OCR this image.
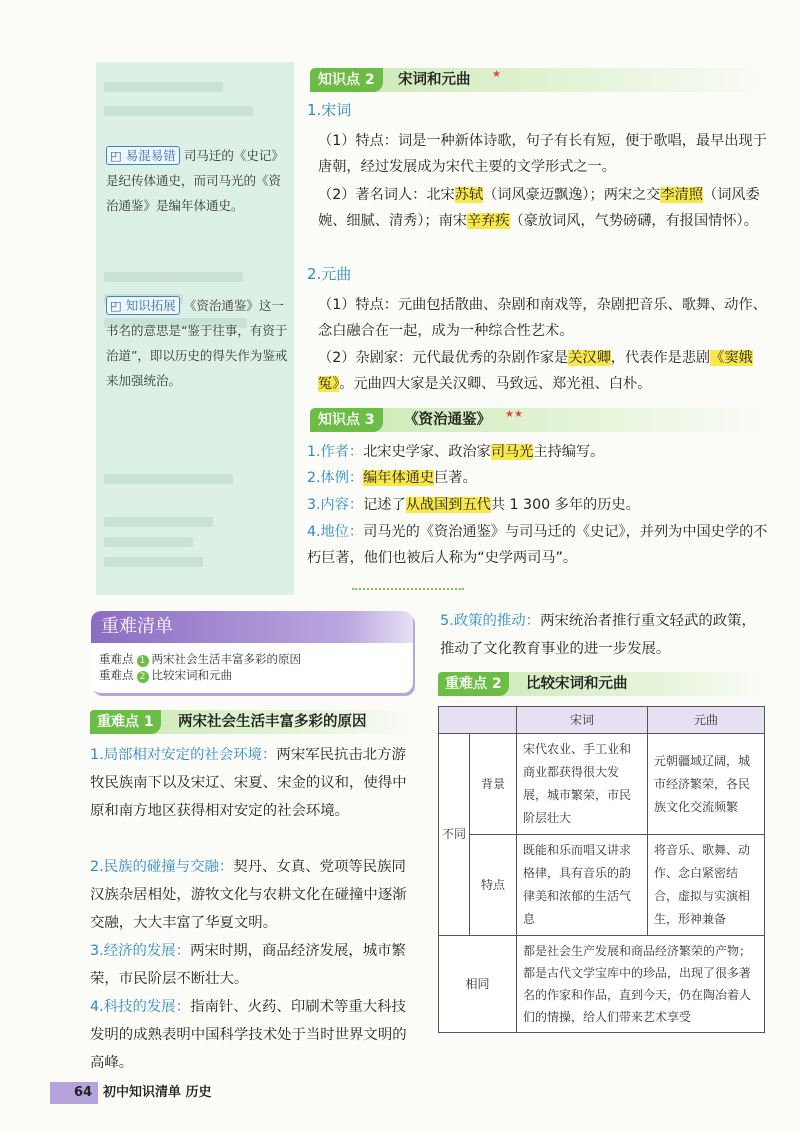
◰ 易混易错 司马迁的《史记》是纪传体通史，而司马光的《资治通鉴》是编年体通史。
◰ 知识拓展 《资治通鉴》这一书名的意思是“鉴于往事，有资于治道”，即以历史的得失作为鉴戒来加强统治。
知识点 2	宋词和元曲 ★
1.宋词
（1）特点：词是一种新体诗歌，句子有长有短，便于歌唱，最早出现于唐朝，经过发展成为宋代主要的文学形式之一。
（2）著名词人：北宋苏轼（词风豪迈飘逸）；两宋之交李清照（词风委婉、细腻、清秀）；南宋辛弃疾（豪放词风，气势磅礴，有报国情怀）。
2.元曲
（1）特点：元曲包括散曲、杂剧和南戏等，杂剧把音乐、歌舞、动作、念白融合在一起，成为一种综合性艺术。
（2）杂剧家：元代最优秀的杂剧作家是关汉卿，代表作是悲剧《窦娥冤》。元曲四大家是关汉卿、马致远、郑光祖、白朴。
知识点 3	《资治通鉴》 ★★
1.作者：北宋史学家、政治家司马光主持编写。
2.体例：编年体通史巨著。
3.内容：记述了从战国到五代共 1 300 多年的历史。
4.地位：司马光的《资治通鉴》与司马迁的《史记》，并列为中国史学的不朽巨著，他们也被后人称为“史学两司马”。
重难清单
重难点 1 两宋社会生活丰富多彩的原因
重难点 2 比较宋词和元曲
重难点 1	两宋社会生活丰富多彩的原因
1.局部相对安定的社会环境：两宋军民抗击北方游牧民族南下以及宋辽、宋夏、宋金的议和，使得中原和南方地区获得相对安定的社会环境。
2.民族的碰撞与交融：契丹、女真、党项等民族同汉族杂居相处，游牧文化与农耕文化在碰撞中逐渐交融，大大丰富了华夏文明。
3.经济的发展：两宋时期，商品经济发展，城市繁荣，市民阶层不断壮大。
4.科技的发展：指南针、火药、印刷术等重大科技发明的成熟表明中国科学技术处于当时世界文明的高峰。
5.政策的推动：两宋统治者推行重文轻武的政策，推动了文化教育事业的进一步发展。
重难点 2	比较宋词和元曲
		宋词	元曲
不同	背景	宋代农业、手工业和商业都获得很大发展，城市繁荣，市民阶层壮大	元朝疆域辽阔，城市经济繁荣，各民族文化交流频繁
	特点	既能和乐而唱又讲求格律，具有音乐的韵律美和浓郁的生活气息	将音乐、歌舞、动作、念白紧密结合，虚拟与实演相生，形神兼备
相同		都是社会生产发展和商品经济繁荣的产物；都是古代文学宝库中的珍品，出现了很多著名的作家和作品，直到今天，仍在陶冶着人们的情操，给人们带来艺术享受	
64 初中知识清单 历史
